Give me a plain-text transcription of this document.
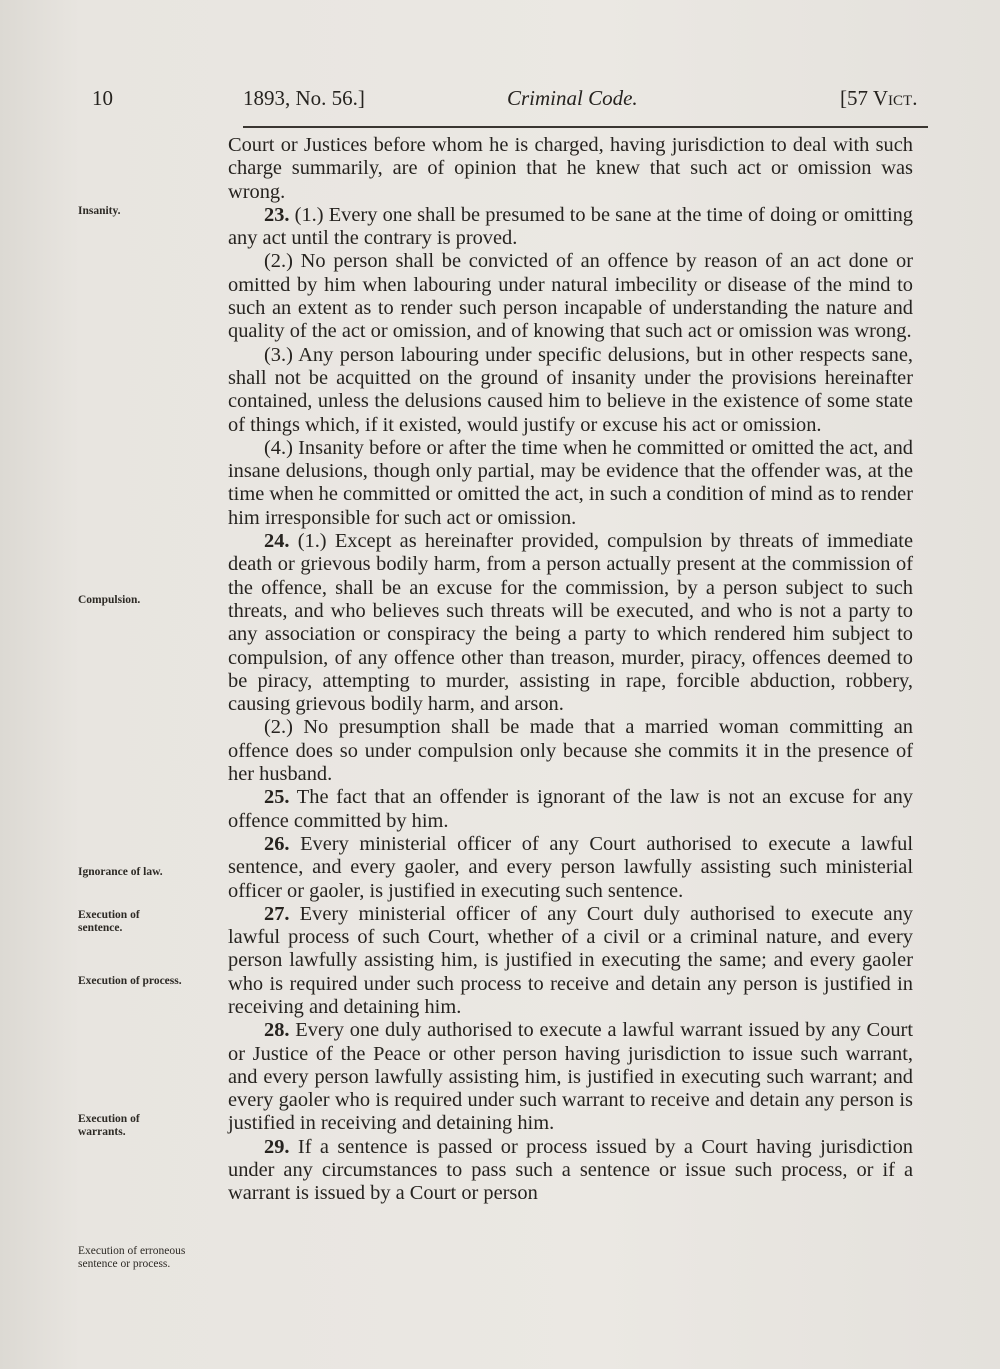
10	1893, No. 56.]	Criminal Code.	[57 Vict.
Insanity.
Compulsion.
Ignorance of law.
Execution of sentence.
Execution of process.
Execution of warrants.
Execution of erroneous sentence or process.

Court or Justices before whom he is charged, having jurisdiction to deal with such charge summarily, are of opinion that he knew that such act or omission was wrong.

23. (1.) Every one shall be presumed to be sane at the time of doing or omitting any act until the contrary is proved.

(2.) No person shall be convicted of an offence by reason of an act done or omitted by him when labouring under natural imbecility or disease of the mind to such an extent as to render such person incapable of understanding the nature and quality of the act or omission, and of knowing that such act or omission was wrong.

(3.) Any person labouring under specific delusions, but in other respects sane, shall not be acquitted on the ground of insanity under the provisions hereinafter contained, unless the delusions caused him to believe in the existence of some state of things which, if it existed, would justify or excuse his act or omission.

(4.) Insanity before or after the time when he committed or omitted the act, and insane delusions, though only partial, may be evidence that the offender was, at the time when he committed or omitted the act, in such a condition of mind as to render him irresponsible for such act or omission.

24. (1.) Except as hereinafter provided, compulsion by threats of immediate death or grievous bodily harm, from a person actually present at the commission of the offence, shall be an excuse for the commission, by a person subject to such threats, and who believes such threats will be executed, and who is not a party to any association or conspiracy the being a party to which rendered him subject to compulsion, of any offence other than treason, murder, piracy, offences deemed to be piracy, attempting to murder, assisting in rape, forcible abduction, robbery, causing grievous bodily harm, and arson.

(2.) No presumption shall be made that a married woman committing an offence does so under compulsion only because she commits it in the presence of her husband.

25. The fact that an offender is ignorant of the law is not an excuse for any offence committed by him.

26. Every ministerial officer of any Court authorised to execute a lawful sentence, and every gaoler, and every person lawfully assisting such ministerial officer or gaoler, is justified in executing such sentence.

27. Every ministerial officer of any Court duly authorised to execute any lawful process of such Court, whether of a civil or a criminal nature, and every person lawfully assisting him, is justified in executing the same; and every gaoler who is required under such process to receive and detain any person is justified in receiving and detaining him.

28. Every one duly authorised to execute a lawful warrant issued by any Court or Justice of the Peace or other person having jurisdiction to issue such warrant, and every person lawfully assisting him, is justified in executing such warrant; and every gaoler who is required under such warrant to receive and detain any person is justified in receiving and detaining him.

29. If a sentence is passed or process issued by a Court having jurisdiction under any circumstances to pass such a sentence or issue such process, or if a warrant is issued by a Court or person
